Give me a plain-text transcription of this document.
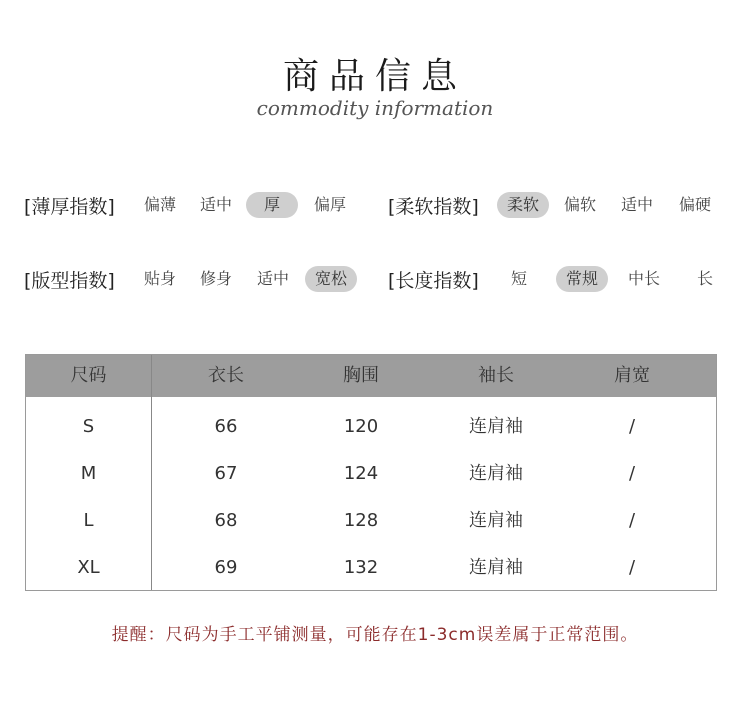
商品信息
commodity information
[薄厚指数]	偏薄	适中	厚	偏厚	[柔软指数]	柔软	偏软	适中	偏硬
[版型指数]	贴身	修身	适中	宽松	[长度指数]	短	常规	中长	长
尺码	衣长	胸围	袖长	肩宽
S	66	120	连肩袖	/
M	67	124	连肩袖	/
L	68	128	连肩袖	/
XL	69	132	连肩袖	/
提醒：尺码为手工平铺测量，可能存在1-3cm误差属于正常范围。
